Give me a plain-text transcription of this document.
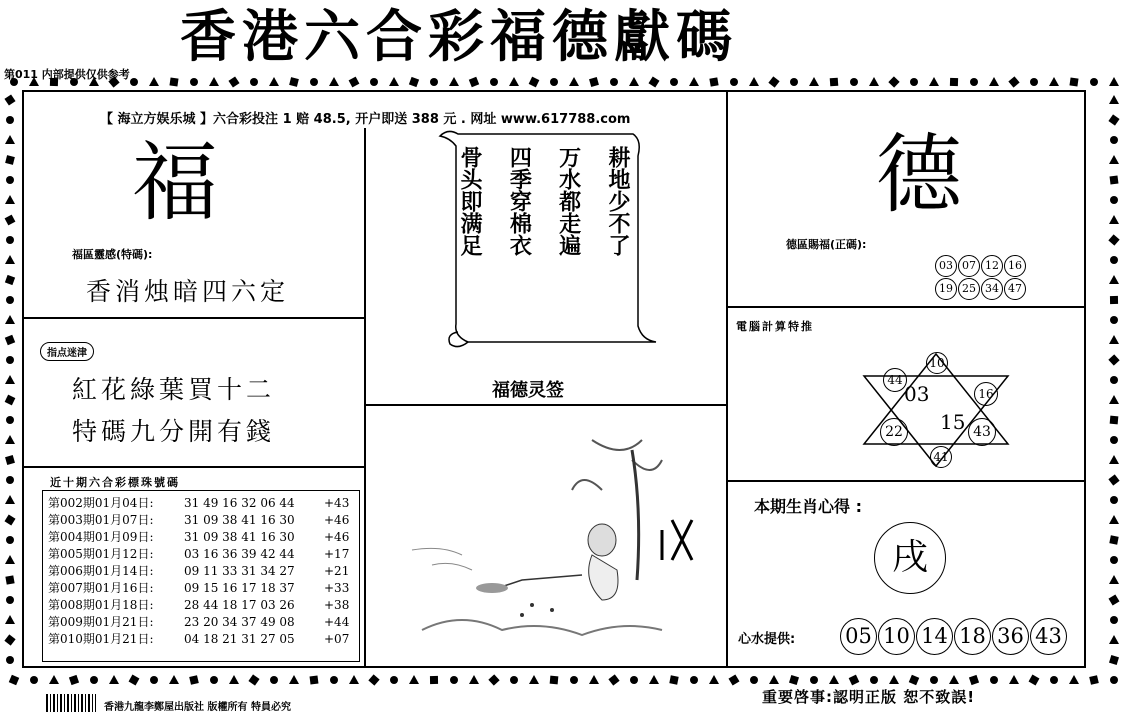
香港六合彩福德獻碼
第011 内部提供仅供参考
【 海立方娱乐城 】六合彩投注 1 赔 48.5, 开户即送 388 元 . 网址 www.617788.com
福
福區靈感(特碼):
香消烛暗四六定
指点迷津
紅花綠葉買十二
特碼九分開有錢
近十期六合彩標珠號碼
第002期01月04日:	31 49 16 32 06 44	+43
第003期01月07日:	31 09 38 41 16 30	+46
第004期01月09日:	31 09 38 41 16 30	+46
第005期01月12日:	03 16 36 39 42 44	+17
第006期01月14日:	09 11 33 31 34 27	+21
第007期01月16日:	09 15 16 17 18 37	+33
第008期01月18日:	28 44 18 17 03 26	+38
第009期01月21日:	23 20 34 37 49 08	+44
第010期01月21日:	04 18 21 31 27 05	+07
耕地少不了
万水都走遍
四季穿棉衣
骨头即满足
福德灵签
德
德區賜福(正碼):
03 07 12 16
19 25 34 47
電腦計算特推
10
44
16
22	43
41
03
15
本期生肖心得 :
戌
心水提供: 05 10 14 18 36 43
香港九龍李鄭屋出版社 版權所有 特員必究
重要啓事:認明正版 恕不致誤!
